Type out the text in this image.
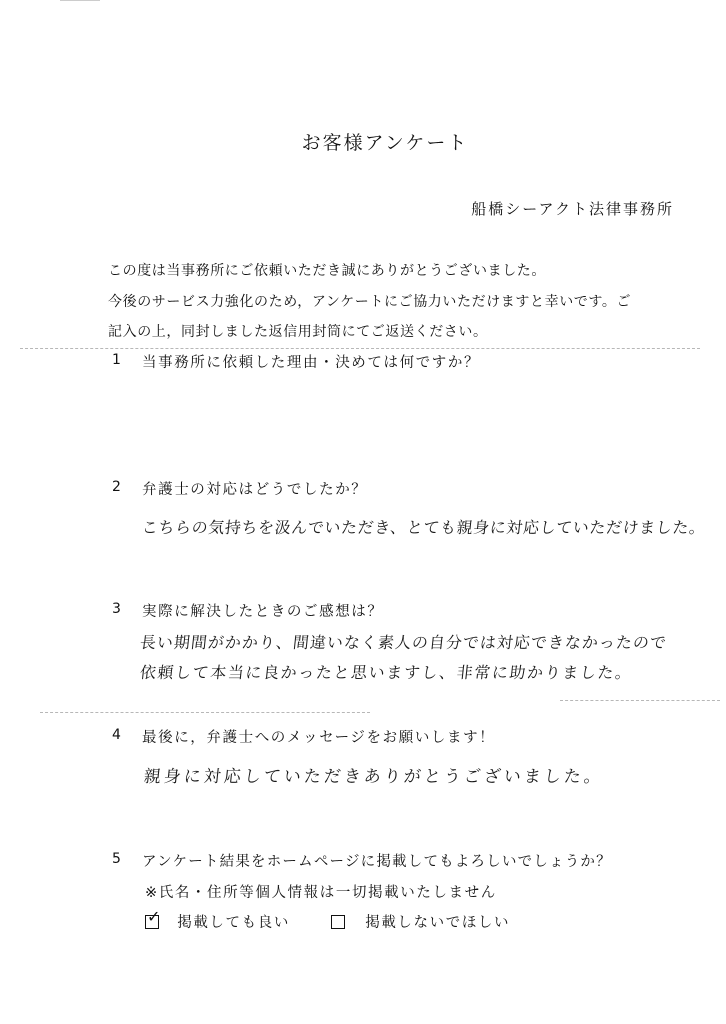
お客様アンケート
船橋シーアクト法律事務所
この度は当事務所にご依頼いただき誠にありがとうございました。
今後のサービス力強化のため，アンケートにご協力いただけますと幸いです。ご
記入の上，同封しました返信用封筒にてご返送ください。
1 当事務所に依頼した理由・決めては何ですか？
2 弁護士の対応はどうでしたか？
こちらの気持ちを汲んでいただき、とても親身に対応していただけました。
3 実際に解決したときのご感想は？
長い期間がかかり、間違いなく素人の自分では対応できなかったので
依頼して本当に良かったと思いますし、非常に助かりました。
4 最後に，弁護士へのメッセージをお願いします！
親身に対応していただきありがとうございました。
5 アンケート結果をホームページに掲載してもよろしいでしょうか？
※氏名・住所等個人情報は一切掲載いたしません
✓ 掲載しても良い	掲載しないでほしい
